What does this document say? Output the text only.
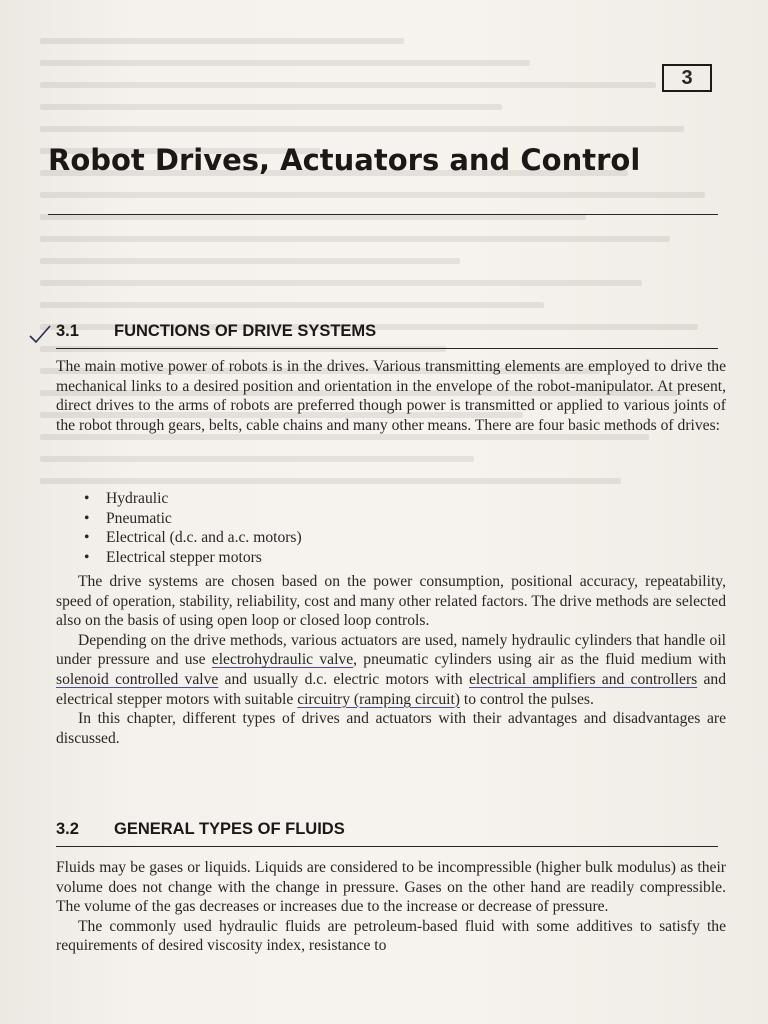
3
Robot Drives, Actuators and Control
3.1 FUNCTIONS OF DRIVE SYSTEMS

The main motive power of robots is in the drives. Various transmitting elements are employed to drive the mechanical links to a desired position and orientation in the envelope of the robot-manipulator. At present, direct drives to the arms of robots are preferred though power is transmitted or applied to various joints of the robot through gears, belts, cable chains and many other means. There are four basic methods of drives:

• Hydraulic
• Pneumatic
• Electrical (d.c. and a.c. motors)
• Electrical stepper motors

The drive systems are chosen based on the power consumption, positional accuracy, repeatability, speed of operation, stability, reliability, cost and many other related factors. The drive methods are selected also on the basis of using open loop or closed loop controls.

Depending on the drive methods, various actuators are used, namely hydraulic cylinders that handle oil under pressure and use electrohydraulic valve, pneumatic cylinders using air as the fluid medium with solenoid controlled valve and usually d.c. electric motors with electrical amplifiers and controllers and electrical stepper motors with suitable circuitry (ramping circuit) to control the pulses.

In this chapter, different types of drives and actuators with their advantages and disadvantages are discussed.

3.2 GENERAL TYPES OF FLUIDS

Fluids may be gases or liquids. Liquids are considered to be incompressible (higher bulk modulus) as their volume does not change with the change in pressure. Gases on the other hand are readily compressible. The volume of the gas decreases or increases due to the increase or decrease of pressure.

The commonly used hydraulic fluids are petroleum-based fluid with some additives to satisfy the requirements of desired viscosity index, resistance to
